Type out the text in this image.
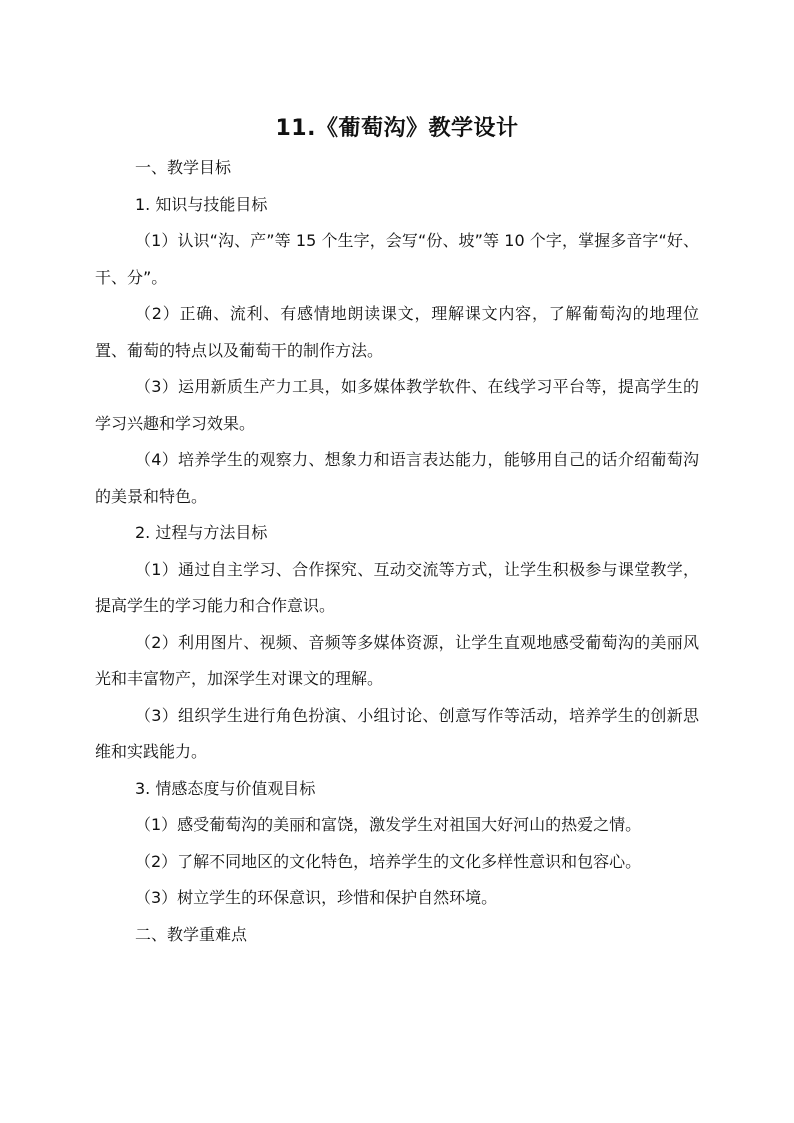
11.《葡萄沟》教学设计

一、教学目标

1. 知识与技能目标

（1）认识“沟、产”等 15 个生字，会写“份、坡”等 10 个字，掌握多音字“好、干、分”。

（2）正确、流利、有感情地朗读课文，理解课文内容，了解葡萄沟的地理位置、葡萄的特点以及葡萄干的制作方法。

（3）运用新质生产力工具，如多媒体教学软件、在线学习平台等，提高学生的学习兴趣和学习效果。

（4）培养学生的观察力、想象力和语言表达能力，能够用自己的话介绍葡萄沟的美景和特色。

2. 过程与方法目标

（1）通过自主学习、合作探究、互动交流等方式，让学生积极参与课堂教学，提高学生的学习能力和合作意识。

（2）利用图片、视频、音频等多媒体资源，让学生直观地感受葡萄沟的美丽风光和丰富物产，加深学生对课文的理解。

（3）组织学生进行角色扮演、小组讨论、创意写作等活动，培养学生的创新思维和实践能力。

3. 情感态度与价值观目标

（1）感受葡萄沟的美丽和富饶，激发学生对祖国大好河山的热爱之情。

（2）了解不同地区的文化特色，培养学生的文化多样性意识和包容心。

（3）树立学生的环保意识，珍惜和保护自然环境。

二、教学重难点
